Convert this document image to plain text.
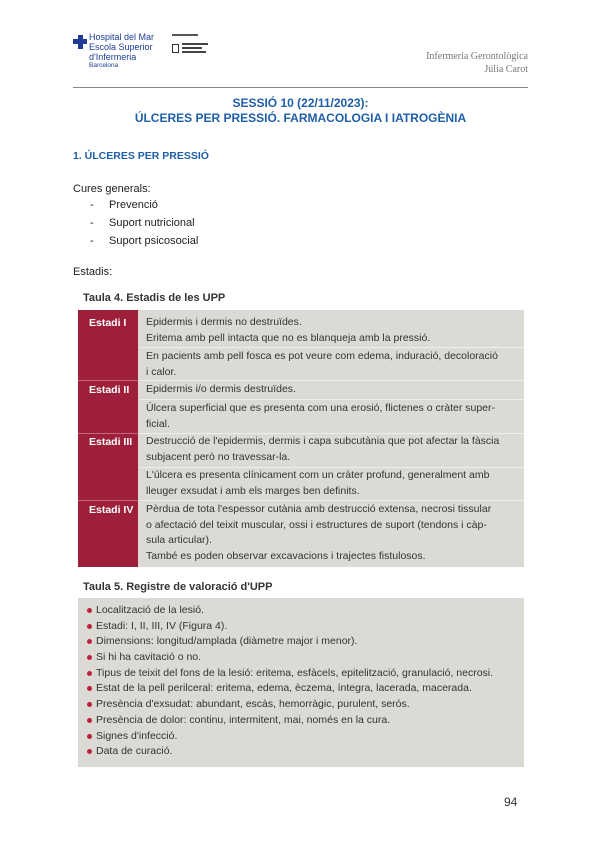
Hospital del Mar
Escola Superior
d'Infermeria
Barcelona
Infermeria Gerontològica
Júlia Carot
SESSIÓ 10 (22/11/2023):
ÚLCERES PER PRESSIÓ. FARMACOLOGIA I IATROGÈNIA
1. ÚLCERES PER PRESSIÓ
Cures generals:
- Prevenció
- Suport nutricional
- Suport psicosocial
Estadis:
Taula 4. Estadis de les UPP
Estadi I	Epidermis i dermis no destruïdes.
Eritema amb pell intacta que no es blanqueja amb la pressió.
En pacients amb pell fosca es pot veure com edema, induració, decoloració
i calor.
Estadi II	Epidermis i/o dermis destruïdes.
Úlcera superficial que es presenta com una erosió, flictenes o cràter super-
ficial.
Estadi III	Destrucció de l'epidermis, dermis i capa subcutània que pot afectar la fàscia
subjacent però no travessar-la.
L'úlcera es presenta clínicament com un cràter profund, generalment amb
lleuger exsudat i amb els marges ben definits.
Estadi IV	Pèrdua de tota l'espessor cutània amb destrucció extensa, necrosi tissular
o afectació del teixit muscular, ossi i estructures de suport (tendons i càp-
sula articular).
També es poden observar excavacions i trajectes fistulosos.
Taula 5. Registre de valoració d'UPP
Localització de la lesió.
Estadi: I, II, III, IV (Figura 4).
Dimensions: longitud/amplada (diàmetre major i menor).
Si hi ha cavitació o no.
Tipus de teixit del fons de la lesió: eritema, esfàcels, epitelització, granulació, necrosi.
Estat de la pell perilceral: eritema, edema, èczema, íntegra, lacerada, macerada.
Presència d'exsudat: abundant, escàs, hemorràgic, purulent, serós.
Presència de dolor: continu, intermitent, mai, només en la cura.
Signes d'infecció.
Data de curació.
94
